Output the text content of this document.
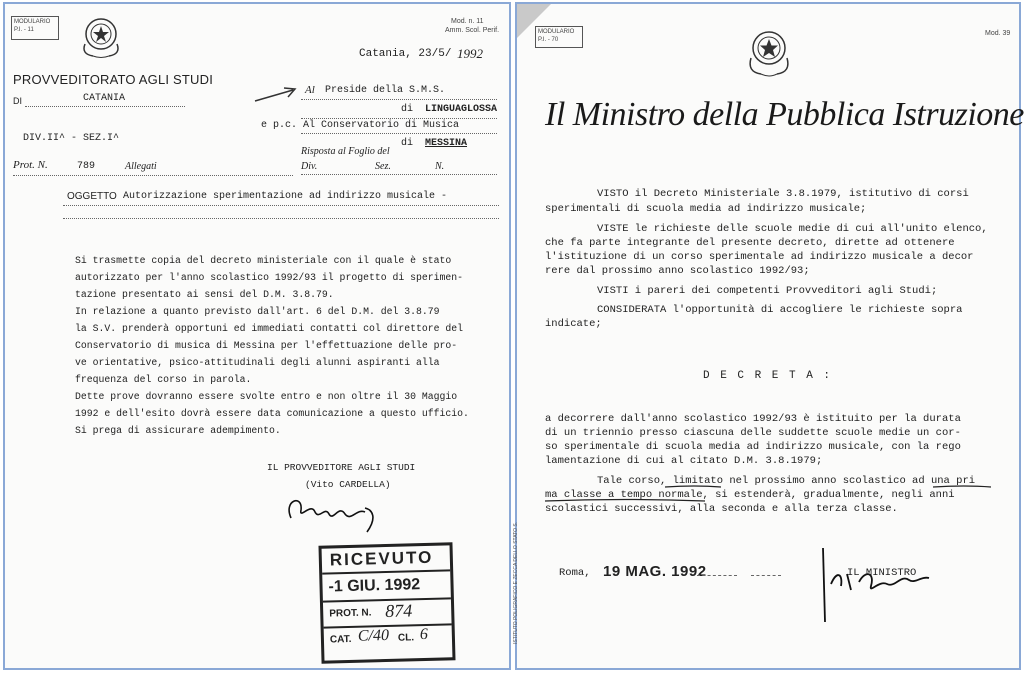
MODULARIO
P.I. - 11
Mod. n. 11
Amm. Scol. Perif.
Catania, 23/5/ 1992
PROVVEDITORATO AGLI STUDI
DI	CATANIA
Al Preside della S.M.S.
di LINGUAGLOSSA
e p.c. Al Conservatorio di Musica
di MESSINA
DIV.II^ - SEZ.I^
Risposta al Foglio del
Div.	Sez.	N.
Prot. N.	789	Allegati
OGGETTO Autorizzazione sperimentazione ad indirizzo musicale -
Si trasmette copia del decreto ministeriale con il quale è stato
autorizzato per l'anno scolastico 1992/93 il progetto di sperimen-
tazione presentato ai sensi del D.M. 3.8.79.
In relazione a quanto previsto dall'art. 6 del D.M. del 3.8.79
la S.V. prenderà opportuni ed immediati contatti col direttore del
Conservatorio di musica di Messina per l'effettuazione delle pro-
ve orientative, psico-attitudinali degli alunni aspiranti alla
frequenza del corso in parola.
Dette prove dovranno essere svolte entro e non oltre il 30 Maggio
1992 e dell'esito dovrà essere data comunicazione a questo ufficio.
Si prega di assicurare adempimento.
IL PROVVEDITORE AGLI STUDI
(Vito CARDELLA)
RICEVUTO
-1 GIU. 1992
PROT. N. 874
CAT. C/40 CL. 6
MODULARIO
P.I. - 70
Mod. 39
Il Ministro della Pubblica Istruzione
VISTO il Decreto Ministeriale 3.8.1979, istitutivo di corsi
sperimentali di scuola media ad indirizzo musicale;
VISTE le richieste delle scuole medie di cui all'unito elenco,
che fa parte integrante del presente decreto, dirette ad ottenere
l'istituzione di un corso sperimentale ad indirizzo musicale a decor
rere dal prossimo anno scolastico 1992/93;
VISTI i pareri dei competenti Provveditori agli Studi;
CONSIDERATA l'opportunità di accogliere le richieste sopra
indicate;
D E C R E T A :
a decorrere dall'anno scolastico 1992/93 è istituito per la durata
di un triennio presso ciascuna delle suddette scuole medie un cor-
so sperimentale di scuola media ad indirizzo musicale, con la rego
lamentazione di cui al citato D.M. 3.8.1979;
Tale corso, limitato nel prossimo anno scolastico ad una pri
ma classe a tempo normale, si estenderà, gradualmente, negli anni
scolastici successivi, alla seconda e alla terza classe.
ISTITUTO POLIGRAFICO E ZECCA DELLO STATO S.	Roma, 19 MAG. 1992	IL MINISTRO
